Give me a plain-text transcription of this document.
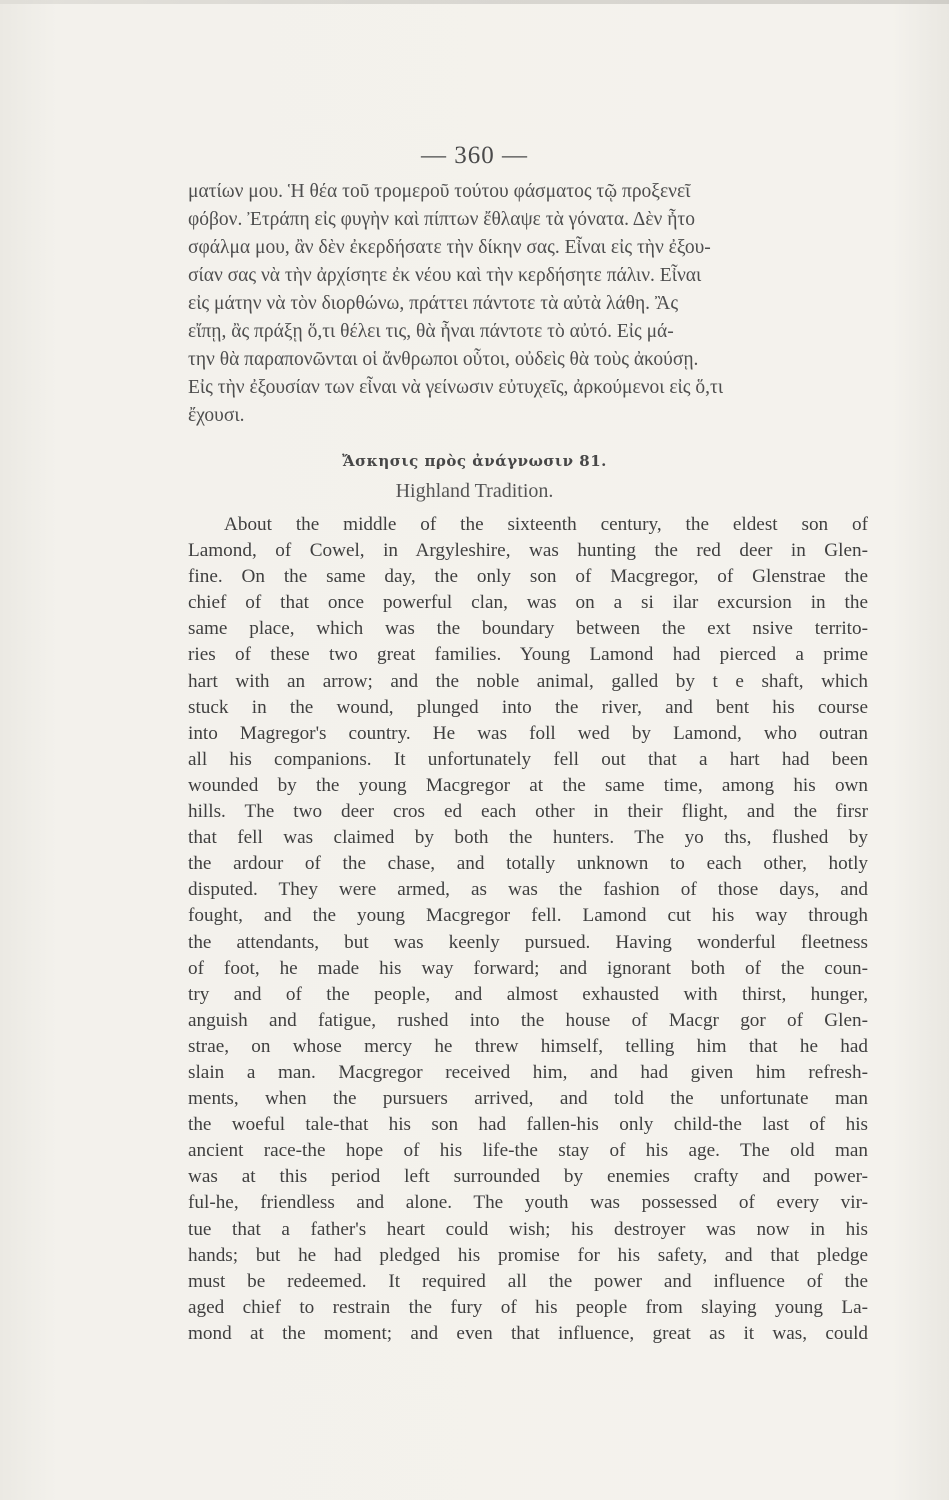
— 360 —
ματίων μου. Ἡ θέα τοῦ τρομεροῦ τούτου φάσματος τῷ προξενεῖ
φόβον. Ἐτράπη εἰς φυγὴν καὶ πίπτων ἔθλαψε τὰ γόνατα. Δὲν ἦτο
σφάλμα μου, ἂν δὲν ἐκερδήσατε τὴν δίκην σας. Εἶναι εἰς τὴν ἐξου-
σίαν σας νὰ τὴν ἀρχίσητε ἐκ νέου καὶ τὴν κερδήσητε πάλιν. Εἶναι
εἰς μάτην νὰ τὸν διορθώνω, πράττει πάντοτε τὰ αὐτὰ λάθη. Ἂς
εἴπῃ, ἂς πράξῃ ὅ,τι θέλει τις, θὰ ἦναι πάντοτε τὸ αὐτό. Εἰς μά-
την θὰ παραπονῶνται οἱ ἄνθρωποι οὗτοι, οὐδεὶς θὰ τοὺς ἀκούσῃ.
Εἰς τὴν ἐξουσίαν των εἶναι νὰ γείνωσιν εὐτυχεῖς, ἀρκούμενοι εἰς ὅ,τι
ἔχουσι.
Ἄσκησις πρὸς ἀνάγνωσιν 81.
Highland Tradition.
About the middle of the sixteenth century, the eldest son of
Lamond, of Cowel, in Argyleshire, was hunting the red deer in Glen-
fine. On the same day, the only son of Macgregor, of Glenstrae the
chief of that once powerful clan, was on a si ilar excursion in the
same place, which was the boundary between the ext nsive territo-
ries of these two great families. Young Lamond had pierced a prime
hart with an arrow; and the noble animal, galled by t e shaft, which
stuck in the wound, plunged into the river, and bent his course
into Magregor's country. He was foll wed by Lamond, who outran
all his companions. It unfortunately fell out that a hart had been
wounded by the young Macgregor at the same time, among his own
hills. The two deer cros ed each other in their flight, and the firsr
that fell was claimed by both the hunters. The yo ths, flushed by
the ardour of the chase, and totally unknown to each other, hotly
disputed. They were armed, as was the fashion of those days, and
fought, and the young Macgregor fell. Lamond cut his way through
the attendants, but was keenly pursued. Having wonderful fleetness
of foot, he made his way forward; and ignorant both of the coun-
try and of the people, and almost exhausted with thirst, hunger,
anguish and fatigue, rushed into the house of Macgr gor of Glen-
strae, on whose mercy he threw himself, telling him that he had
slain a man. Macgregor received him, and had given him refresh-
ments, when the pursuers arrived, and told the unfortunate man
the woeful tale-that his son had fallen-his only child-the last of his
ancient race-the hope of his life-the stay of his age. The old man
was at this period left surrounded by enemies crafty and power-
ful-he, friendless and alone. The youth was possessed of every vir-
tue that a father's heart could wish; his destroyer was now in his
hands; but he had pledged his promise for his safety, and that pledge
must be redeemed. It required all the power and influence of the
aged chief to restrain the fury of his people from slaying young La-
mond at the moment; and even that influence, great as it was, could
